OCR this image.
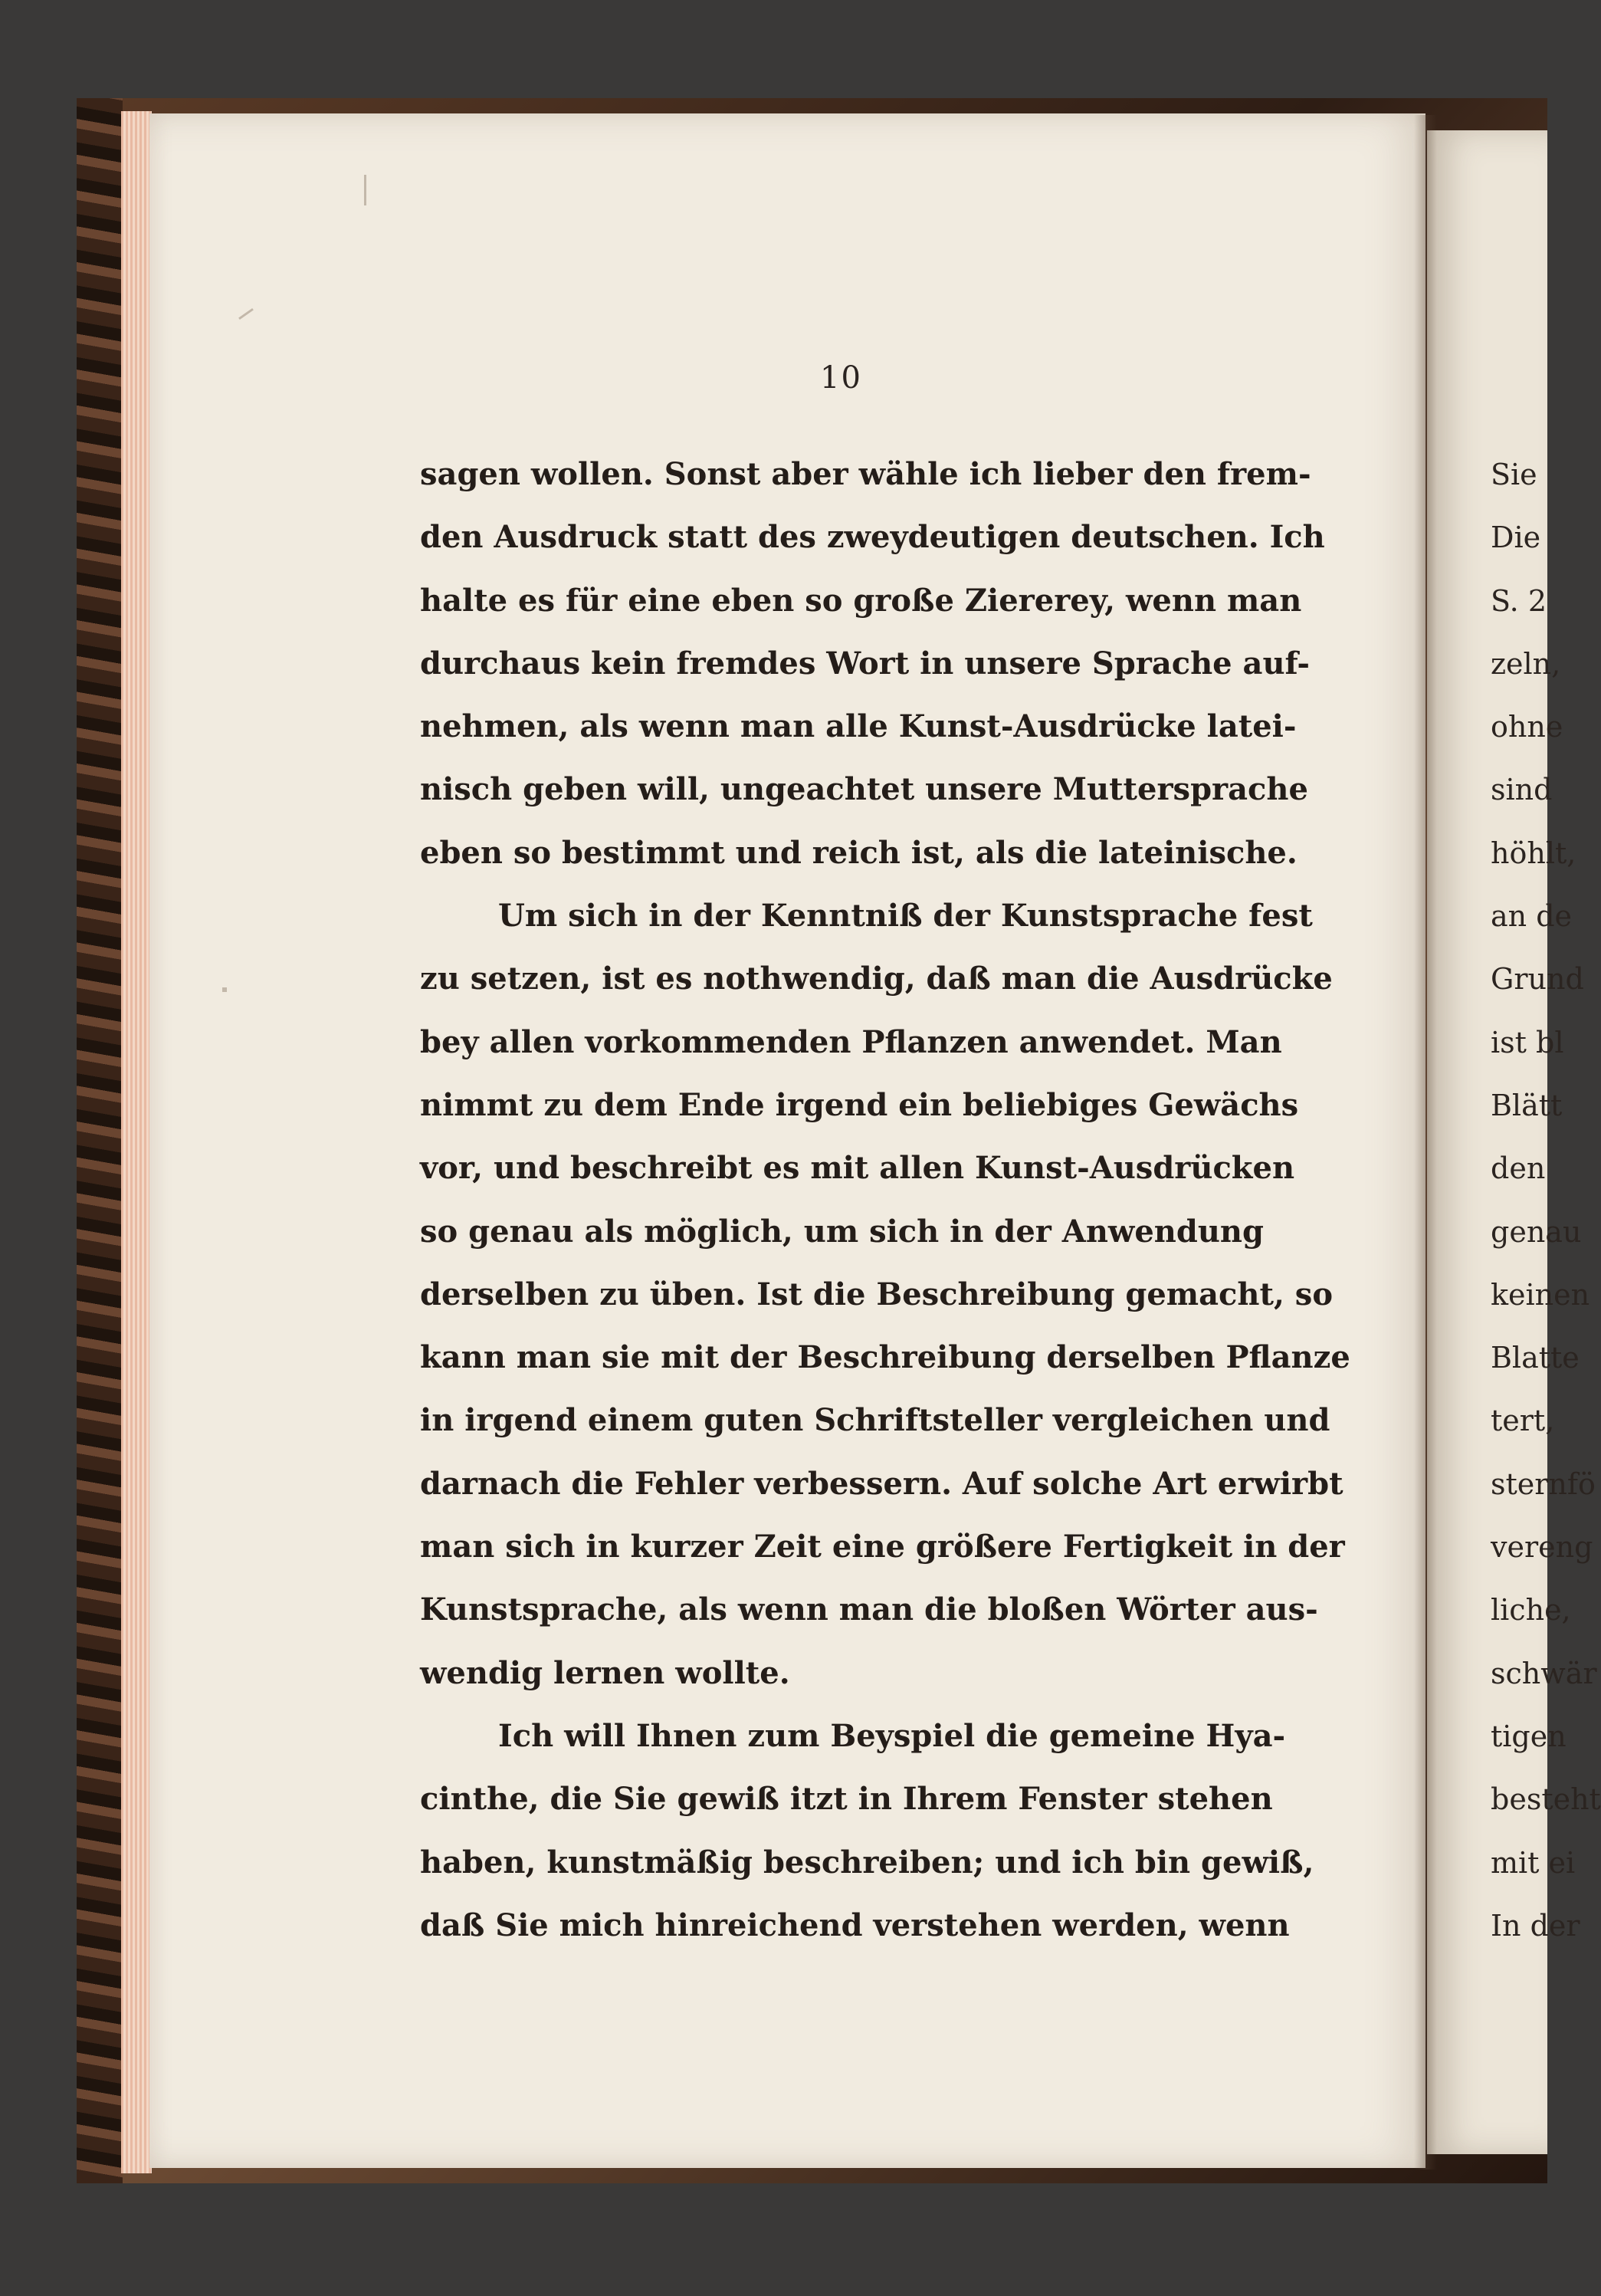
10
sagen wollen. Sonst aber wähle ich lieber den frem-
den Ausdruck statt des zweydeutigen deutschen. Ich
halte es für eine eben so große Ziererey, wenn man
durchaus kein fremdes Wort in unsere Sprache auf-
nehmen, als wenn man alle Kunst-Ausdrücke latei-
nisch geben will, ungeachtet unsere Muttersprache
eben so bestimmt und reich ist, als die lateinische.
Um sich in der Kenntniß der Kunstsprache fest
zu setzen, ist es nothwendig, daß man die Ausdrücke
bey allen vorkommenden Pflanzen anwendet. Man
nimmt zu dem Ende irgend ein beliebiges Gewächs
vor, und beschreibt es mit allen Kunst-Ausdrücken
so genau als möglich, um sich in der Anwendung
derselben zu üben. Ist die Beschreibung gemacht, so
kann man sie mit der Beschreibung derselben Pflanze
in irgend einem guten Schriftsteller vergleichen und
darnach die Fehler verbessern. Auf solche Art erwirbt
man sich in kurzer Zeit eine größere Fertigkeit in der
Kunstsprache, als wenn man die bloßen Wörter aus-
wendig lernen wollte.
Ich will Ihnen zum Beyspiel die gemeine Hya-
cinthe, die Sie gewiß itzt in Ihrem Fenster stehen
haben, kunstmäßig beschreiben; und ich bin gewiß,
daß Sie mich hinreichend verstehen werden, wenn
Sie
Die
S. 2
zeln,
ohne
sind
höhlt,
an de
Grund
ist bl
Blätt
den
genau
keinen
Blatte
tert,
sternfö
vereng
liche,
schwär
tigen
besteht
mit ei
In der
